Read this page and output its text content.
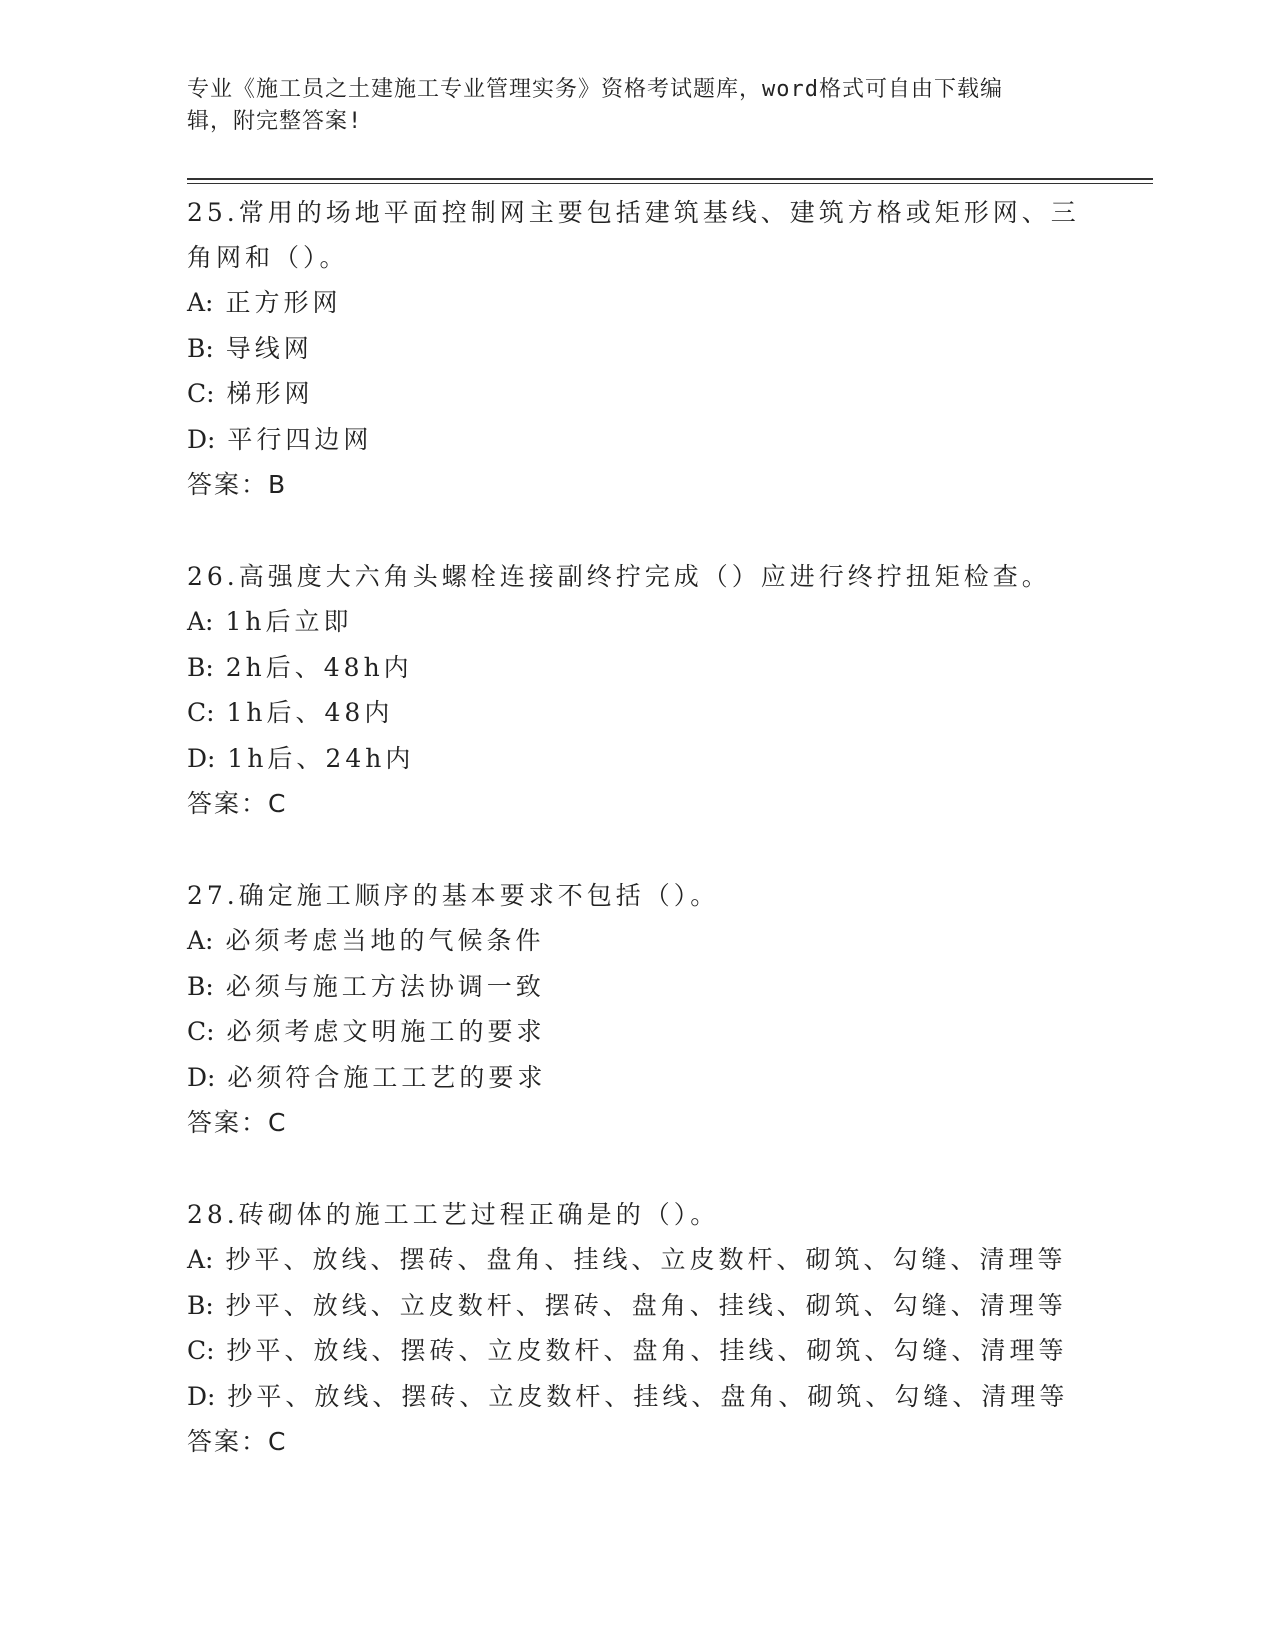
专业《施工员之土建施工专业管理实务》资格考试题库，word格式可自由下载编
辑，附完整答案!

25.常用的场地平面控制网主要包括建筑基线、建筑方格或矩形网、三
角网和（）。

A: 正方形网

B: 导线网

C: 梯形网

D: 平行四边网

答案：B

26.高强度大六角头螺栓连接副终拧完成（）应进行终拧扭矩检查。

A: 1h后立即

B: 2h后、48h内

C: 1h后、48内

D: 1h后、24h内

答案：C

27.确定施工顺序的基本要求不包括（）。

A: 必须考虑当地的气候条件

B: 必须与施工方法协调一致

C: 必须考虑文明施工的要求

D: 必须符合施工工艺的要求

答案：C

28.砖砌体的施工工艺过程正确是的（）。

A: 抄平、放线、摆砖、盘角、挂线、立皮数杆、砌筑、勾缝、清理等

B: 抄平、放线、立皮数杆、摆砖、盘角、挂线、砌筑、勾缝、清理等

C: 抄平、放线、摆砖、立皮数杆、盘角、挂线、砌筑、勾缝、清理等

D: 抄平、放线、摆砖、立皮数杆、挂线、盘角、砌筑、勾缝、清理等

答案：C
